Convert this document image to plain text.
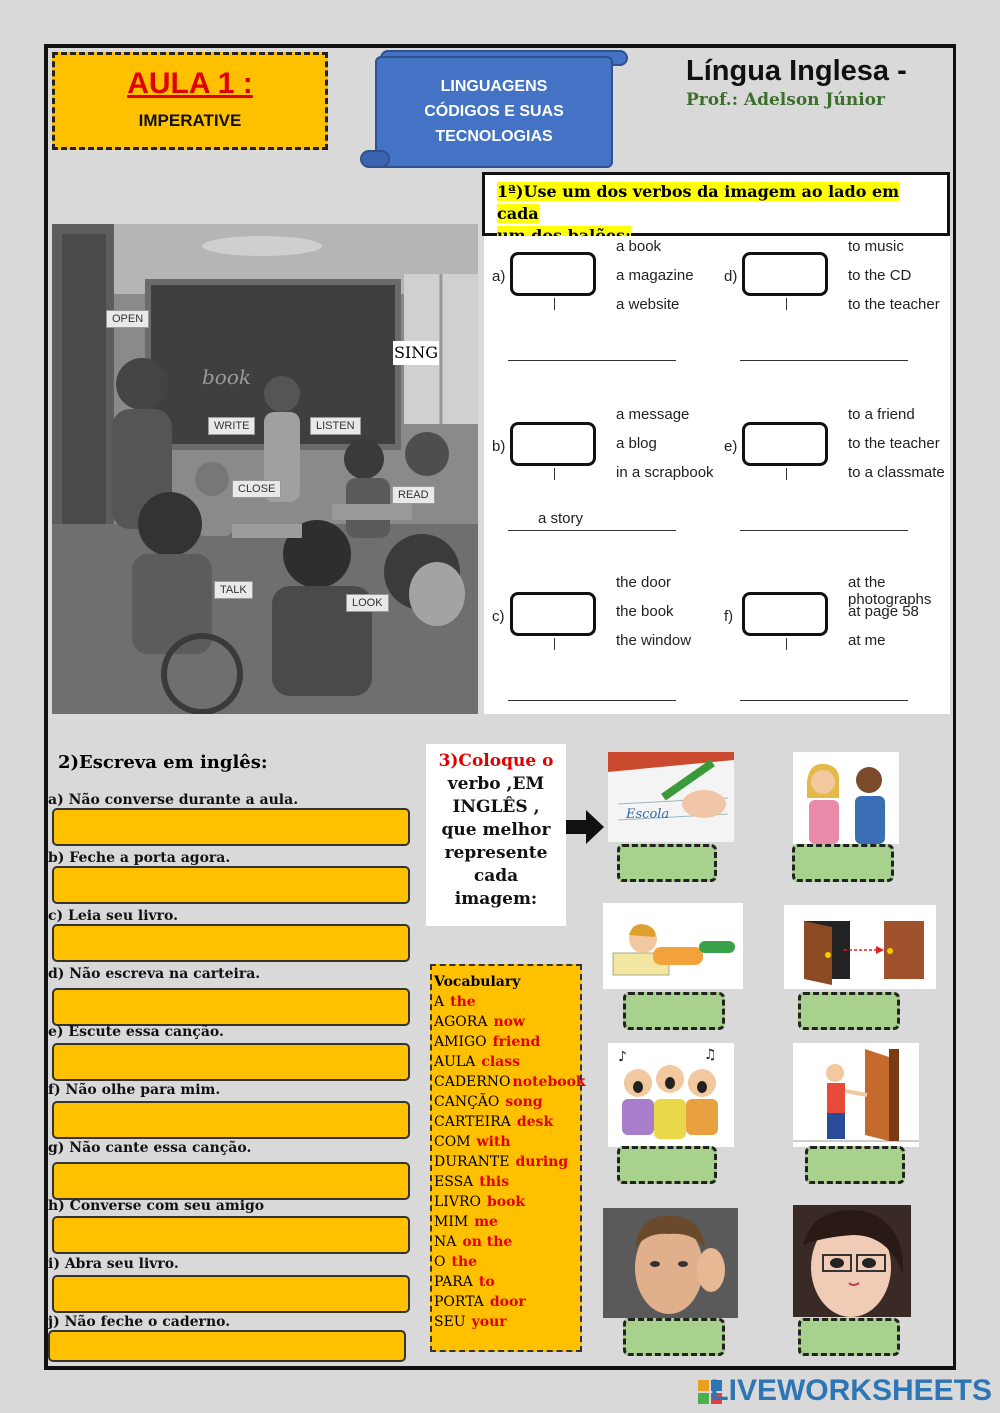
AULA 1 :
IMPERATIVE
LINGUAGENS
CÓDIGOS E SUAS
TECNOLOGIAS
Língua Inglesa -
Prof.: Adelson Júnior
1ª)Use um dos verbos da imagem ao lado em cada

book
OPEN
WRITE	LISTEN
CLOSE	READ
TALK
LOOK
SING
a)
a book
a magazine
a website
d)
to music
to the CD
to the teacher
b)
a message
a blog
in a scrapbook
a story
e)
to a friend
to the teacher
to a classmate
c)
the door
the book
the window
f)
at the photographs
at page 58
at me
2)Escreva em inglês:
a) Não converse durante a aula.
b) Feche a porta agora.
c) Leia seu livro.
d) Não escreva na carteira.
e) Escute essa canção.
f) Não olhe para mim.
g) Não cante essa canção.
h) Converse com seu amigo
i) Abra seu livro.
j) Não feche o caderno.
3)Coloque o
verbo ,EM
INGLÊS ,
que melhor
represente
cada
imagem:
Vocabulary
A the
AGORA now
AMIGO friend
AULA class
CADERNO notebook
CANÇÃO song
CARTEIRA desk
COM with
DURANTE during
ESSA this
LIVRO book
MIM me
NA on the
O the
PARA to
PORTA door
SEU your
Escola
♪	♫
LIVEWORKSHEETS
